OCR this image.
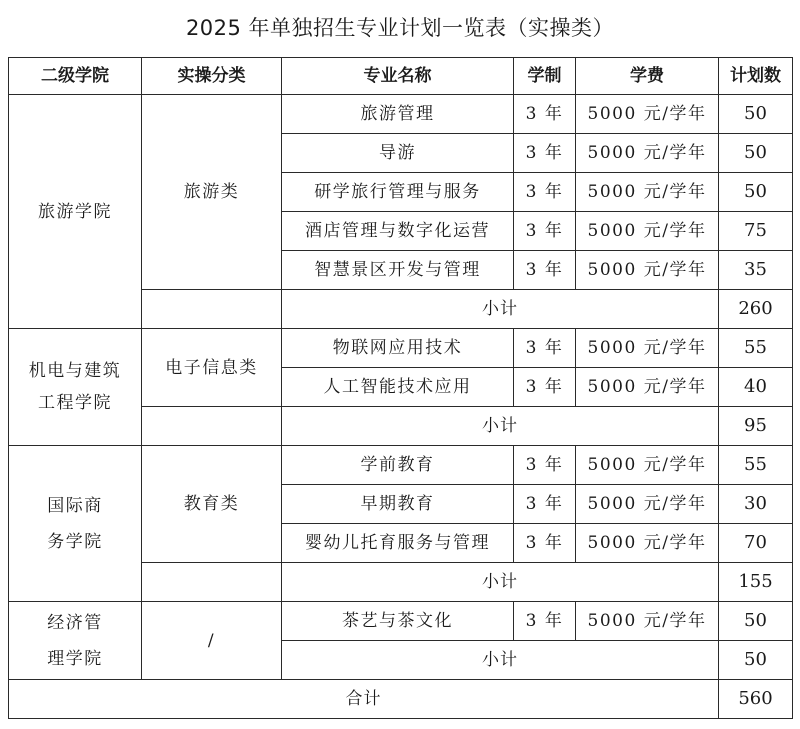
2025 年单独招生专业计划一览表（实操类）
二级学院	实操分类	专业名称	学制	学费	计划数
旅游学院	旅游类	旅游管理	3 年	5000 元/学年	50
		导游	3 年	5000 元/学年	50
		研学旅行管理与服务	3 年	5000 元/学年	50
		酒店管理与数字化运营	3 年	5000 元/学年	75
		智慧景区开发与管理	3 年	5000 元/学年	35
		小计			260

机电与建筑
工程学院	电子信息类	物联网应用技术	3 年	5000 元/学年	55
		人工智能技术应用	3 年	5000 元/学年	40
		小计			95

国际商
务学院	教育类	学前教育	3 年	5000 元/学年	55
		早期教育	3 年	5000 元/学年	30
		婴幼儿托育服务与管理	3 年	5000 元/学年	70
		小计			155

经济管
理学院	/	茶艺与茶文化	3 年	5000 元/学年	50
		小计			50
合计					560
